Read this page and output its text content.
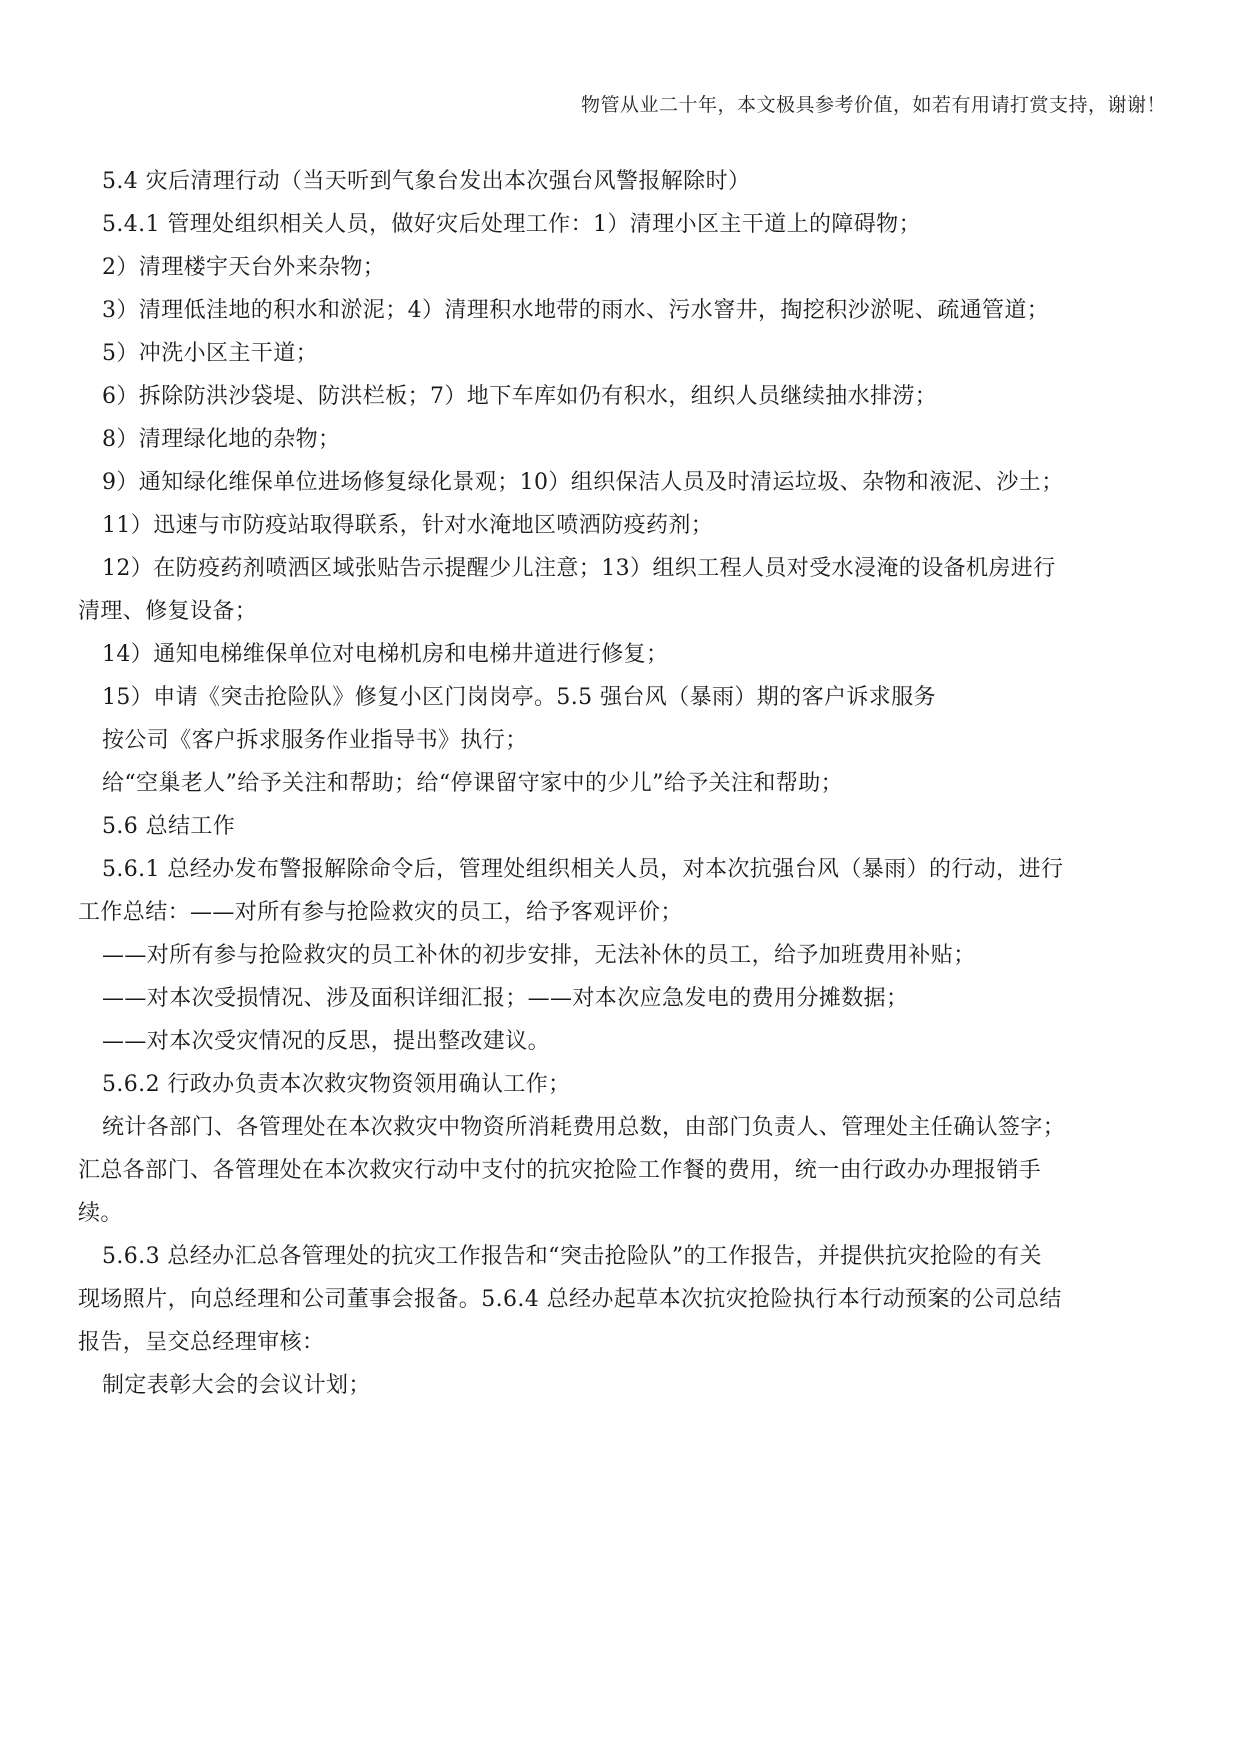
物管从业二十年，本文极具参考价值，如若有用请打赏支持，谢谢！
5.4 灾后清理行动（当天听到气象台发出本次强台风警报解除时）
5.4.1 管理处组织相关人员，做好灾后处理工作：1）清理小区主干道上的障碍物；
2）清理楼宇天台外来杂物；
3）清理低洼地的积水和淤泥；4）清理积水地带的雨水、污水窨井，掏挖积沙淤呢、疏通管道；
5）冲洗小区主干道；
6）拆除防洪沙袋堤、防洪栏板；7）地下车库如仍有积水，组织人员继续抽水排涝；
8）清理绿化地的杂物；
9）通知绿化维保单位进场修复绿化景观；10）组织保洁人员及时清运垃圾、杂物和液泥、沙土；
11）迅速与市防疫站取得联系，针对水淹地区喷洒防疫药剂；
12）在防疫药剂喷洒区域张贴告示提醒少儿注意；13）组织工程人员对受水浸淹的设备机房进行
清理、修复设备；
14）通知电梯维保单位对电梯机房和电梯井道进行修复；
15）申请《突击抢险队》修复小区门岗岗亭。5.5 强台风（暴雨）期的客户诉求服务
按公司《客户拆求服务作业指导书》执行；
给“空巢老人”给予关注和帮助；给“停课留守家中的少儿”给予关注和帮助；
5.6 总结工作
5.6.1 总经办发布警报解除命令后，管理处组织相关人员，对本次抗强台风（暴雨）的行动，进行
工作总结：——对所有参与抢险救灾的员工，给予客观评价；
——对所有参与抢险救灾的员工补休的初步安排，无法补休的员工，给予加班费用补贴；
——对本次受损情况、涉及面积详细汇报；——对本次应急发电的费用分摊数据；
——对本次受灾情况的反思，提出整改建议。
5.6.2 行政办负责本次救灾物资领用确认工作；
统计各部门、各管理处在本次救灾中物资所消耗费用总数，由部门负责人、管理处主任确认签字；
汇总各部门、各管理处在本次救灾行动中支付的抗灾抢险工作餐的费用，统一由行政办办理报销手
续。
5.6.3 总经办汇总各管理处的抗灾工作报告和“突击抢险队”的工作报告，并提供抗灾抢险的有关
现场照片，向总经理和公司董事会报备。5.6.4 总经办起草本次抗灾抢险执行本行动预案的公司总结
报告，呈交总经理审核：
制定表彰大会的会议计划；
